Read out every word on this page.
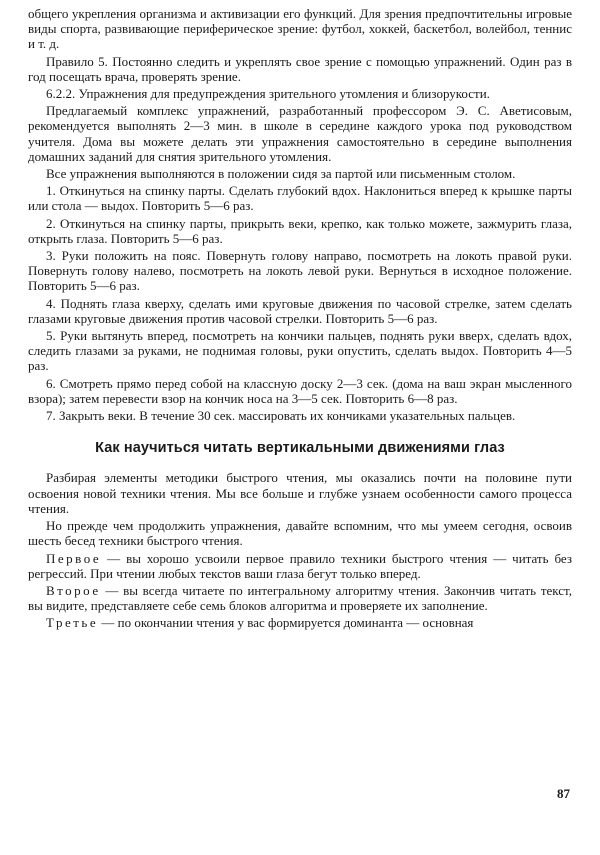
общего укрепления организма и активизации его функций. Для зрения предпочтительны игровые виды спорта, развивающие периферическое зрение: футбол, хоккей, баскетбол, волейбол, теннис и т. д.

Правило 5. Постоянно следить и укреплять свое зрение с помощью упражнений. Один раз в год посещать врача, проверять зрение.

6.2.2. Упражнения для предупреждения зрительного утомления и близорукости.

Предлагаемый комплекс упражнений, разработанный профессором Э. С. Аветисовым, рекомендуется выполнять 2—3 мин. в школе в середине каждого урока под руководством учителя. Дома вы можете делать эти упражнения самостоятельно в середине выполнения домашних заданий для снятия зрительного утомления.

Все упражнения выполняются в положении сидя за партой или письменным столом.

1. Откинуться на спинку парты. Сделать глубокий вдох. Наклониться вперед к крышке парты или стола — выдох. Повторить 5—6 раз.

2. Откинуться на спинку парты, прикрыть веки, крепко, как только можете, зажмурить глаза, открыть глаза. Повторить 5—6 раз.

3. Руки положить на пояс. Повернуть голову направо, посмотреть на локоть правой руки. Повернуть голову налево, посмотреть на локоть левой руки. Вернуться в исходное положение. Повторить 5—6 раз.

4. Поднять глаза кверху, сделать ими круговые движения по часовой стрелке, затем сделать глазами круговые движения против часовой стрелки. Повторить 5—6 раз.

5. Руки вытянуть вперед, посмотреть на кончики пальцев, поднять руки вверх, сделать вдох, следить глазами за руками, не поднимая головы, руки опустить, сделать выдох. Повторить 4—5 раз.

6. Смотреть прямо перед собой на классную доску 2—3 сек. (дома на ваш экран мысленного взора); затем перевести взор на кончик носа на 3—5 сек. Повторить 6—8 раз.

7. Закрыть веки. В течение 30 сек. массировать их кончиками указательных пальцев.

Как научиться читать вертикальными движениями глаз

Разбирая элементы методики быстрого чтения, мы оказались почти на половине пути освоения новой техники чтения. Мы все больше и глубже узнаем особенности самого процесса чтения.

Но прежде чем продолжить упражнения, давайте вспомним, что мы умеем сегодня, освоив шесть бесед техники быстрого чтения.

Первое — вы хорошо усвоили первое правило техники быстрого чтения — читать без регрессий. При чтении любых текстов ваши глаза бегут только вперед.

Второе — вы всегда читаете по интегральному алгоритму чтения. Закончив читать текст, вы видите, представляете себе семь блоков алгоритма и проверяете их заполнение.

Третье — по окончании чтения у вас формируется доминанта — основная

87
